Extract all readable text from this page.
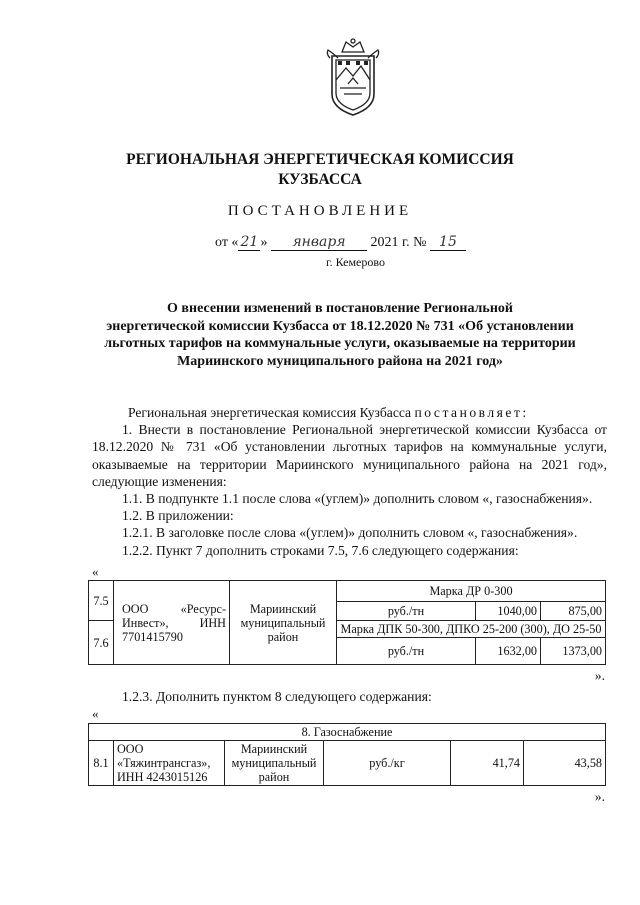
РЕГИОНАЛЬНАЯ ЭНЕРГЕТИЧЕСКАЯ КОМИССИЯ
КУЗБАССА
ПОСТАНОВЛЕНИЕ
от « 21 » января 2021 г. № 15
г. Кемерово
О внесении изменений в постановление Региональной
энергетической комиссии Кузбасса от 18.12.2020 № 731 «Об установлении
льготных тарифов на коммунальные услуги, оказываемые на территории
Мариинского муниципального района на 2021 год»

Региональная энергетическая комиссия Кузбасса постановляет:

1. Внести в постановление Региональной энергетической комиссии Кузбасса от 18.12.2020 № 731 «Об установлении льготных тарифов на коммунальные услуги, оказываемые на территории Мариинского муниципального района на 2021 год», следующие изменения:

1.1. В подпункте 1.1 после слова «(углем)» дополнить словом «, газоснабжения».

1.2. В приложении:

1.2.1. В заголовке после слова «(углем)» дополнить словом «, газоснабжения».

1.2.2. Пункт 7 дополнить строками 7.5, 7.6 следующего содержания:

«
7.5	ООО «Ресурс-Инвест», ИНН 7701415790	Мариинский муниципальный район	Марка ДР 0-300		
			руб./тн	1040,00	875,00
7.6			Марка ДПК 50-300, ДПКО 25-200 (300), ДО 25-50		
			руб./тн	1632,00	1373,00
».

1.2.3. Дополнить пунктом 8 следующего содержания:

«
8. Газоснабжение
8.1	ООО «Тяжинтрансгаз», ИНН 4243015126	Мариинский муниципальный район	руб./кг	41,74	43,58
».
